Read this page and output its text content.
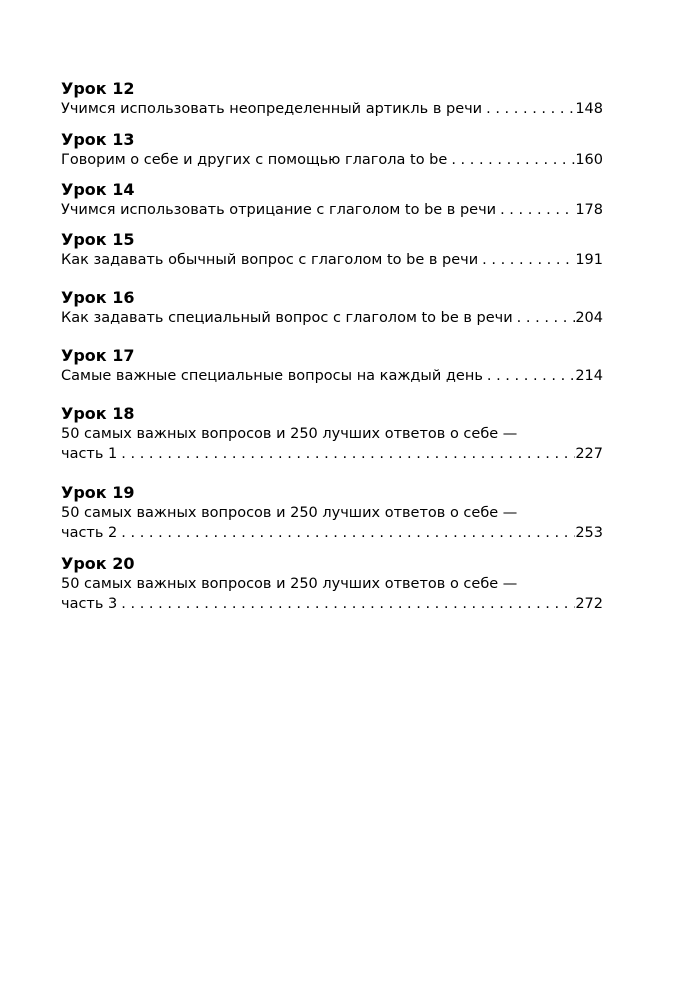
Урок 12
Учимся использовать неопределенный артикль в речи . . .	148
Урок 13
Говорим о себе и других с помощью глагола to be . . .	160
Урок 14
Учимся использовать отрицание с глаголом to be в речи . . .	178
Урок 15
Как задавать обычный вопрос с глаголом to be в речи . . .	191
Урок 16
Как задавать специальный вопрос с глаголом to be в речи . . .	204
Урок 17
Самые важные специальные вопросы на каждый день . . .	214
Урок 18
50 самых важных вопросов и 250 лучших ответов о себе —
часть 1 . . .	227
Урок 19
50 самых важных вопросов и 250 лучших ответов о себе —
часть 2 . . .	253
Урок 20
50 самых важных вопросов и 250 лучших ответов о себе —
часть 3 . . .	272
